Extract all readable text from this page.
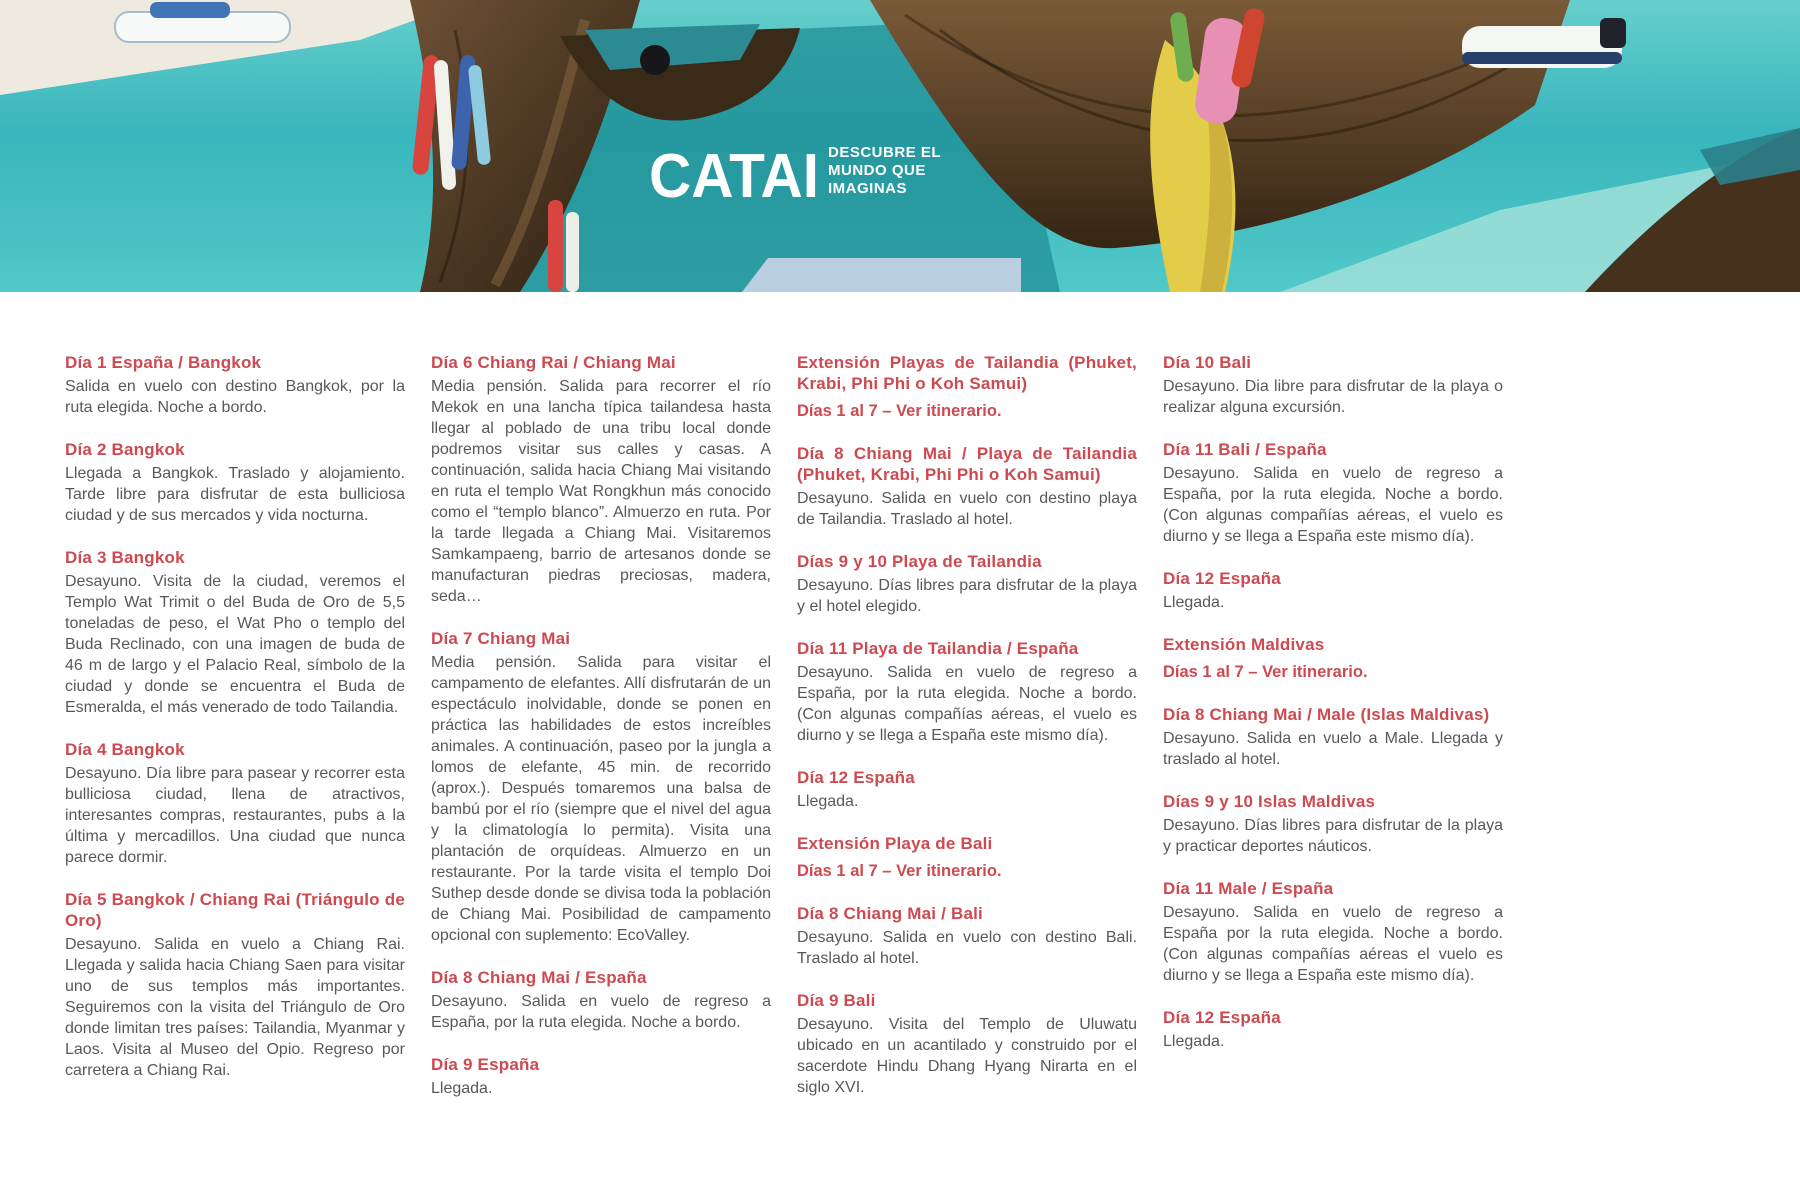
CATAI DESCUBRE EL
MUNDO QUE
IMAGINAS
Día 1 España / Bangkok

Salida en vuelo con destino Bangkok, por la ruta elegida. Noche a bordo.

Día 2 Bangkok

Llegada a Bangkok. Traslado y alojamiento. Tarde libre para disfrutar de esta bulliciosa ciudad y de sus mercados y vida nocturna.

Día 3 Bangkok

Desayuno. Visita de la ciudad, veremos el Templo Wat Trimit o del Buda de Oro de 5,5 toneladas de peso, el Wat Pho o templo del Buda Reclinado, con una imagen de buda de 46 m de largo y el Palacio Real, símbolo de la ciudad y donde se encuentra el Buda de Esmeralda, el más venerado de todo Tailandia.

Día 4 Bangkok

Desayuno. Día libre para pasear y recorrer esta bulliciosa ciudad, llena de atractivos, interesantes compras, restaurantes, pubs a la última y mercadillos. Una ciudad que nunca parece dormir.

Día 5 Bangkok / Chiang Rai (Triángulo de Oro)

Desayuno. Salida en vuelo a Chiang Rai. Llegada y salida hacia Chiang Saen para visitar uno de sus templos más importantes. Seguiremos con la visita del Triángulo de Oro donde limitan tres países: Tailandia, Myanmar y Laos. Visita al Museo del Opio. Regreso por carretera a Chiang Rai.

Día 6 Chiang Rai / Chiang Mai

Media pensión. Salida para recorrer el río Mekok en una lancha típica tailandesa hasta llegar al poblado de una tribu local donde podremos visitar sus calles y casas. A continuación, salida hacia Chiang Mai visitando en ruta el templo Wat Rongkhun más conocido como el “templo blanco”. Almuerzo en ruta. Por la tarde llegada a Chiang Mai. Visitaremos Samkampaeng, barrio de artesanos donde se manufacturan piedras preciosas, madera, seda…

Día 7 Chiang Mai

Media pensión. Salida para visitar el campamento de elefantes. Allí disfrutarán de un espectáculo inolvidable, donde se ponen en práctica las habilidades de estos increíbles animales. A continuación, paseo por la jungla a lomos de elefante, 45 min. de recorrido (aprox.). Después tomaremos una balsa de bambú por el río (siempre que el nivel del agua y la climatología lo permita). Visita una plantación de orquídeas. Almuerzo en un restaurante. Por la tarde visita el templo Doi Suthep desde donde se divisa toda la población de Chiang Mai. Posibilidad de campamento opcional con suplemento: EcoValley.

Día 8 Chiang Mai / España

Desayuno. Salida en vuelo de regreso a España, por la ruta elegida. Noche a bordo.

Día 9 España

Llegada.

Extensión Playas de Tailandia (Phuket, Krabi, Phi Phi o Koh Samui)

Días 1 al 7 – Ver itinerario.

Día 8 Chiang Mai / Playa de Tailandia (Phuket, Krabi, Phi Phi o Koh Samui)

Desayuno. Salida en vuelo con destino playa de Tailandia. Traslado al hotel.

Días 9 y 10 Playa de Tailandia

Desayuno. Días libres para disfrutar de la playa y el hotel elegido.

Día 11 Playa de Tailandia / España

Desayuno. Salida en vuelo de regreso a España, por la ruta elegida. Noche a bordo. (Con algunas compañías aéreas, el vuelo es diurno y se llega a España este mismo día).

Día 12 España

Llegada.

Extensión Playa de Bali

Días 1 al 7 – Ver itinerario.

Día 8 Chiang Mai / Bali

Desayuno. Salida en vuelo con destino Bali. Traslado al hotel.

Día 9 Bali

Desayuno. Visita del Templo de Uluwatu ubicado en un acantilado y construido por el sacerdote Hindu Dhang Hyang Nirarta en el siglo XVI.

Día 10 Bali

Desayuno. Dia libre para disfrutar de la playa o realizar alguna excursión.

Día 11 Bali / España

Desayuno. Salida en vuelo de regreso a España, por la ruta elegida. Noche a bordo. (Con algunas compañías aéreas, el vuelo es diurno y se llega a España este mismo día).

Día 12 España

Llegada.

Extensión Maldivas

Días 1 al 7 – Ver itinerario.

Día 8 Chiang Mai / Male (Islas Maldivas)

Desayuno. Salida en vuelo a Male. Llegada y traslado al hotel.

Días 9 y 10 Islas Maldivas

Desayuno. Días libres para disfrutar de la playa y practicar deportes náuticos.

Día 11 Male / España

Desayuno. Salida en vuelo de regreso a España por la ruta elegida. Noche a bordo. (Con algunas compañías aéreas el vuelo es diurno y se llega a España este mismo día).

Día 12 España

Llegada.
